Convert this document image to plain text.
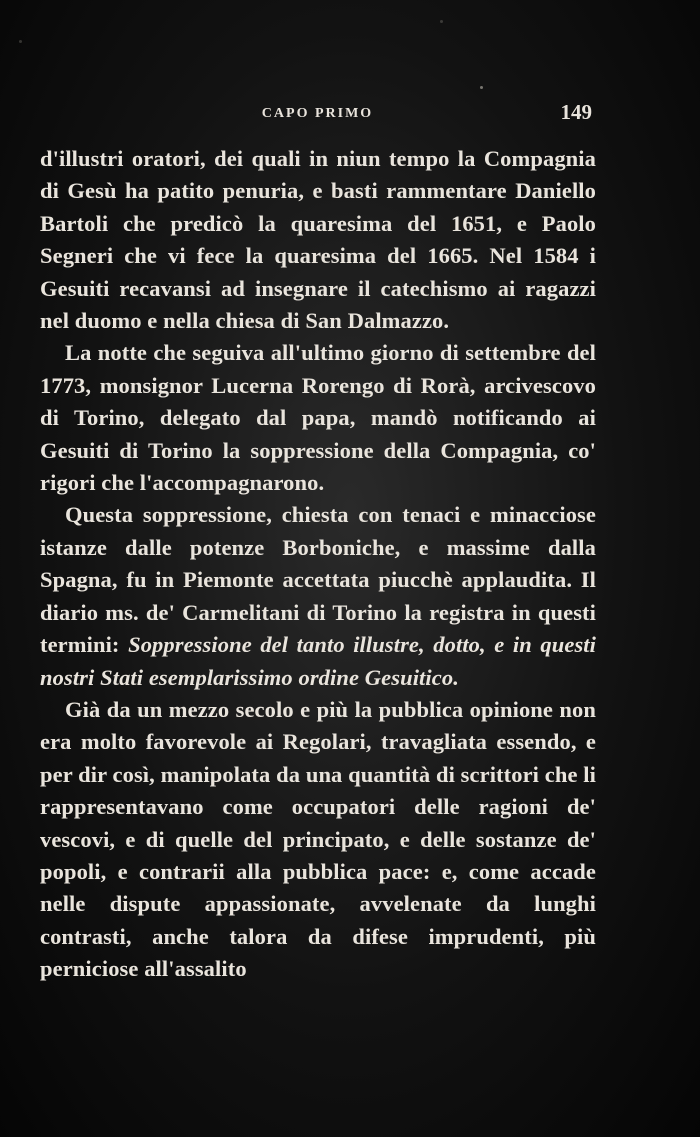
CAPO PRIMO	149

d'illustri oratori, dei quali in niun tempo la Compagnia di Gesù ha patito penuria, e basti rammentare Daniello Bartoli che predicò la quaresima del 1651, e Paolo Segneri che vi fece la quaresima del 1665. Nel 1584 i Gesuiti recavansi ad insegnare il catechismo ai ragazzi nel duomo e nella chiesa di San Dalmazzo.

La notte che seguiva all'ultimo giorno di settembre del 1773, monsignor Lucerna Rorengo di Rorà, arcivescovo di Torino, delegato dal papa, mandò notificando ai Gesuiti di Torino la soppressione della Compagnia, co' rigori che l'accompagnarono.

Questa soppressione, chiesta con tenaci e minacciose istanze dalle potenze Borboniche, e massime dalla Spagna, fu in Piemonte accettata piucchè applaudita. Il diario ms. de' Carmelitani di Torino la registra in questi termini: Soppressione del tanto illustre, dotto, e in questi nostri Stati esemplarissimo ordine Gesuitico.

Già da un mezzo secolo e più la pubblica opinione non era molto favorevole ai Regolari, travagliata essendo, e per dir così, manipolata da una quantità di scrittori che li rappresentavano come occupatori delle ragioni de' vescovi, e di quelle del principato, e delle sostanze de' popoli, e contrarii alla pubblica pace: e, come accade nelle dispute appassionate, avvelenate da lunghi contrasti, anche talora da difese imprudenti, più perniciose all'assalito
